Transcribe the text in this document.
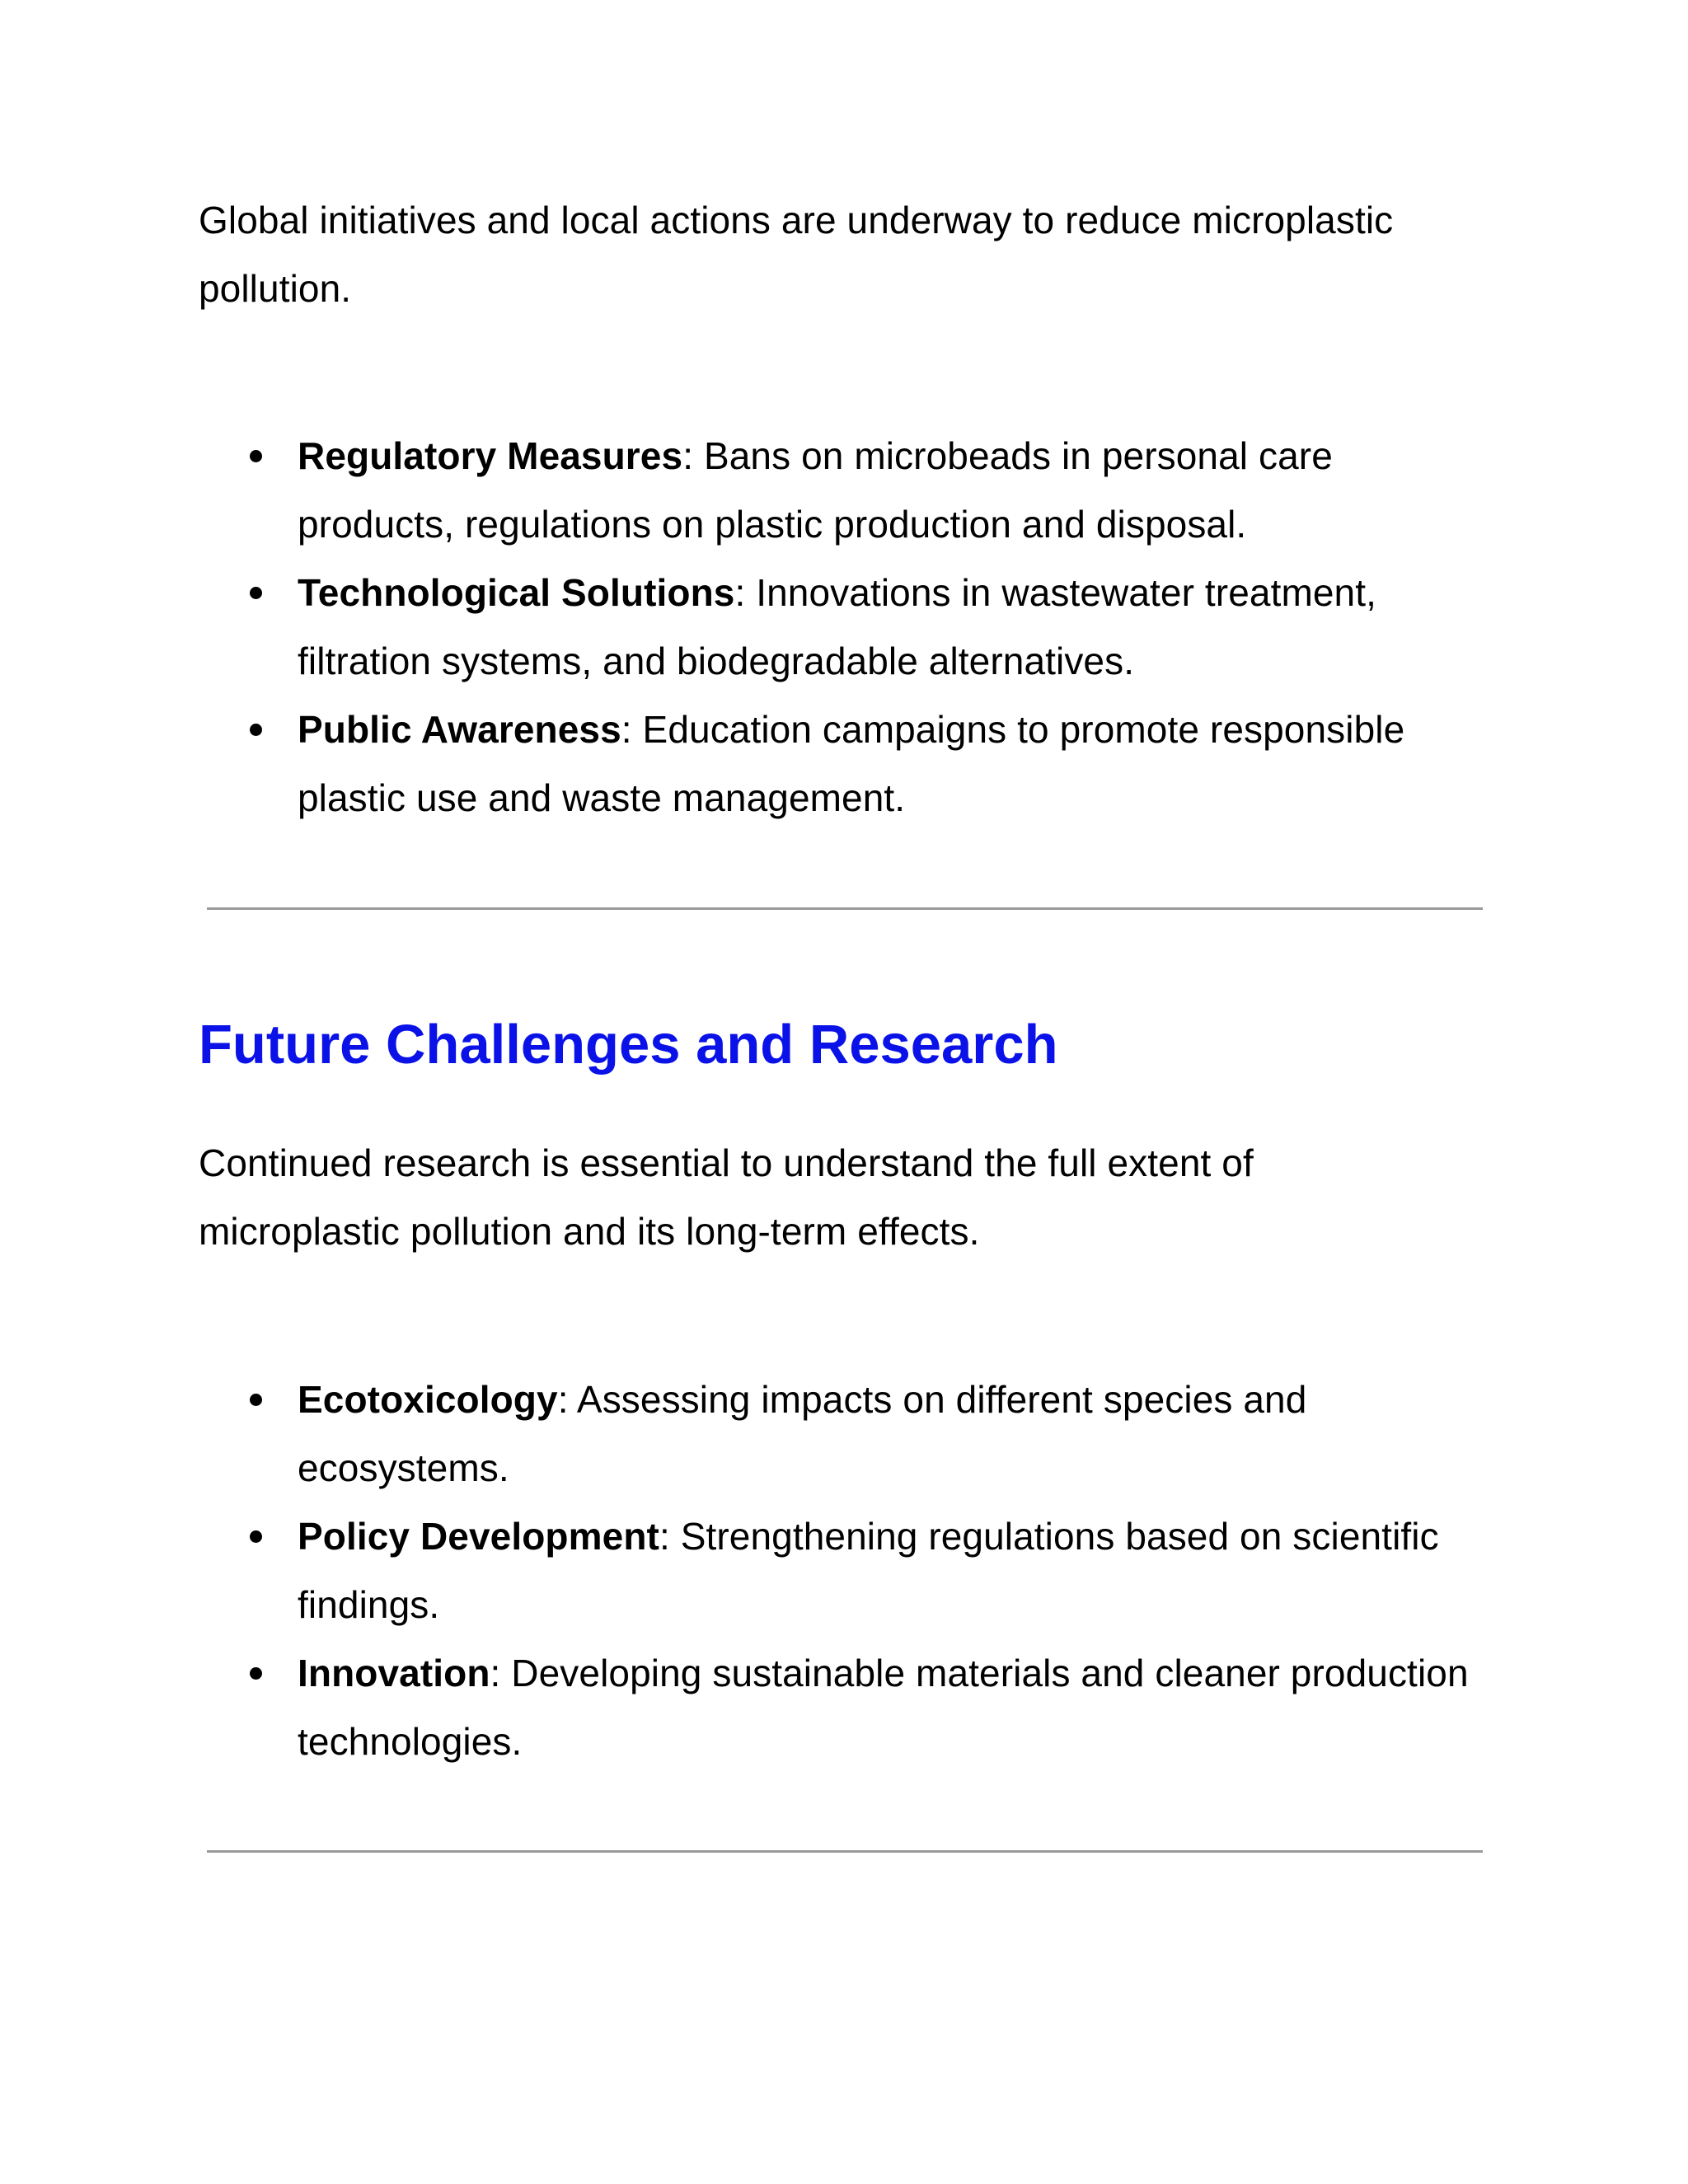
Global initiatives and local actions are underway to reduce microplastic pollution.

Regulatory Measures: Bans on microbeads in personal care products, regulations on plastic production and disposal.
Technological Solutions: Innovations in wastewater treatment, filtration systems, and biodegradable alternatives.
Public Awareness: Education campaigns to promote responsible plastic use and waste management.
Future Challenges and Research

Continued research is essential to understand the full extent of microplastic pollution and its long-term effects.

Ecotoxicology: Assessing impacts on different species and ecosystems.
Policy Development: Strengthening regulations based on scientific findings.
Innovation: Developing sustainable materials and cleaner production technologies.
